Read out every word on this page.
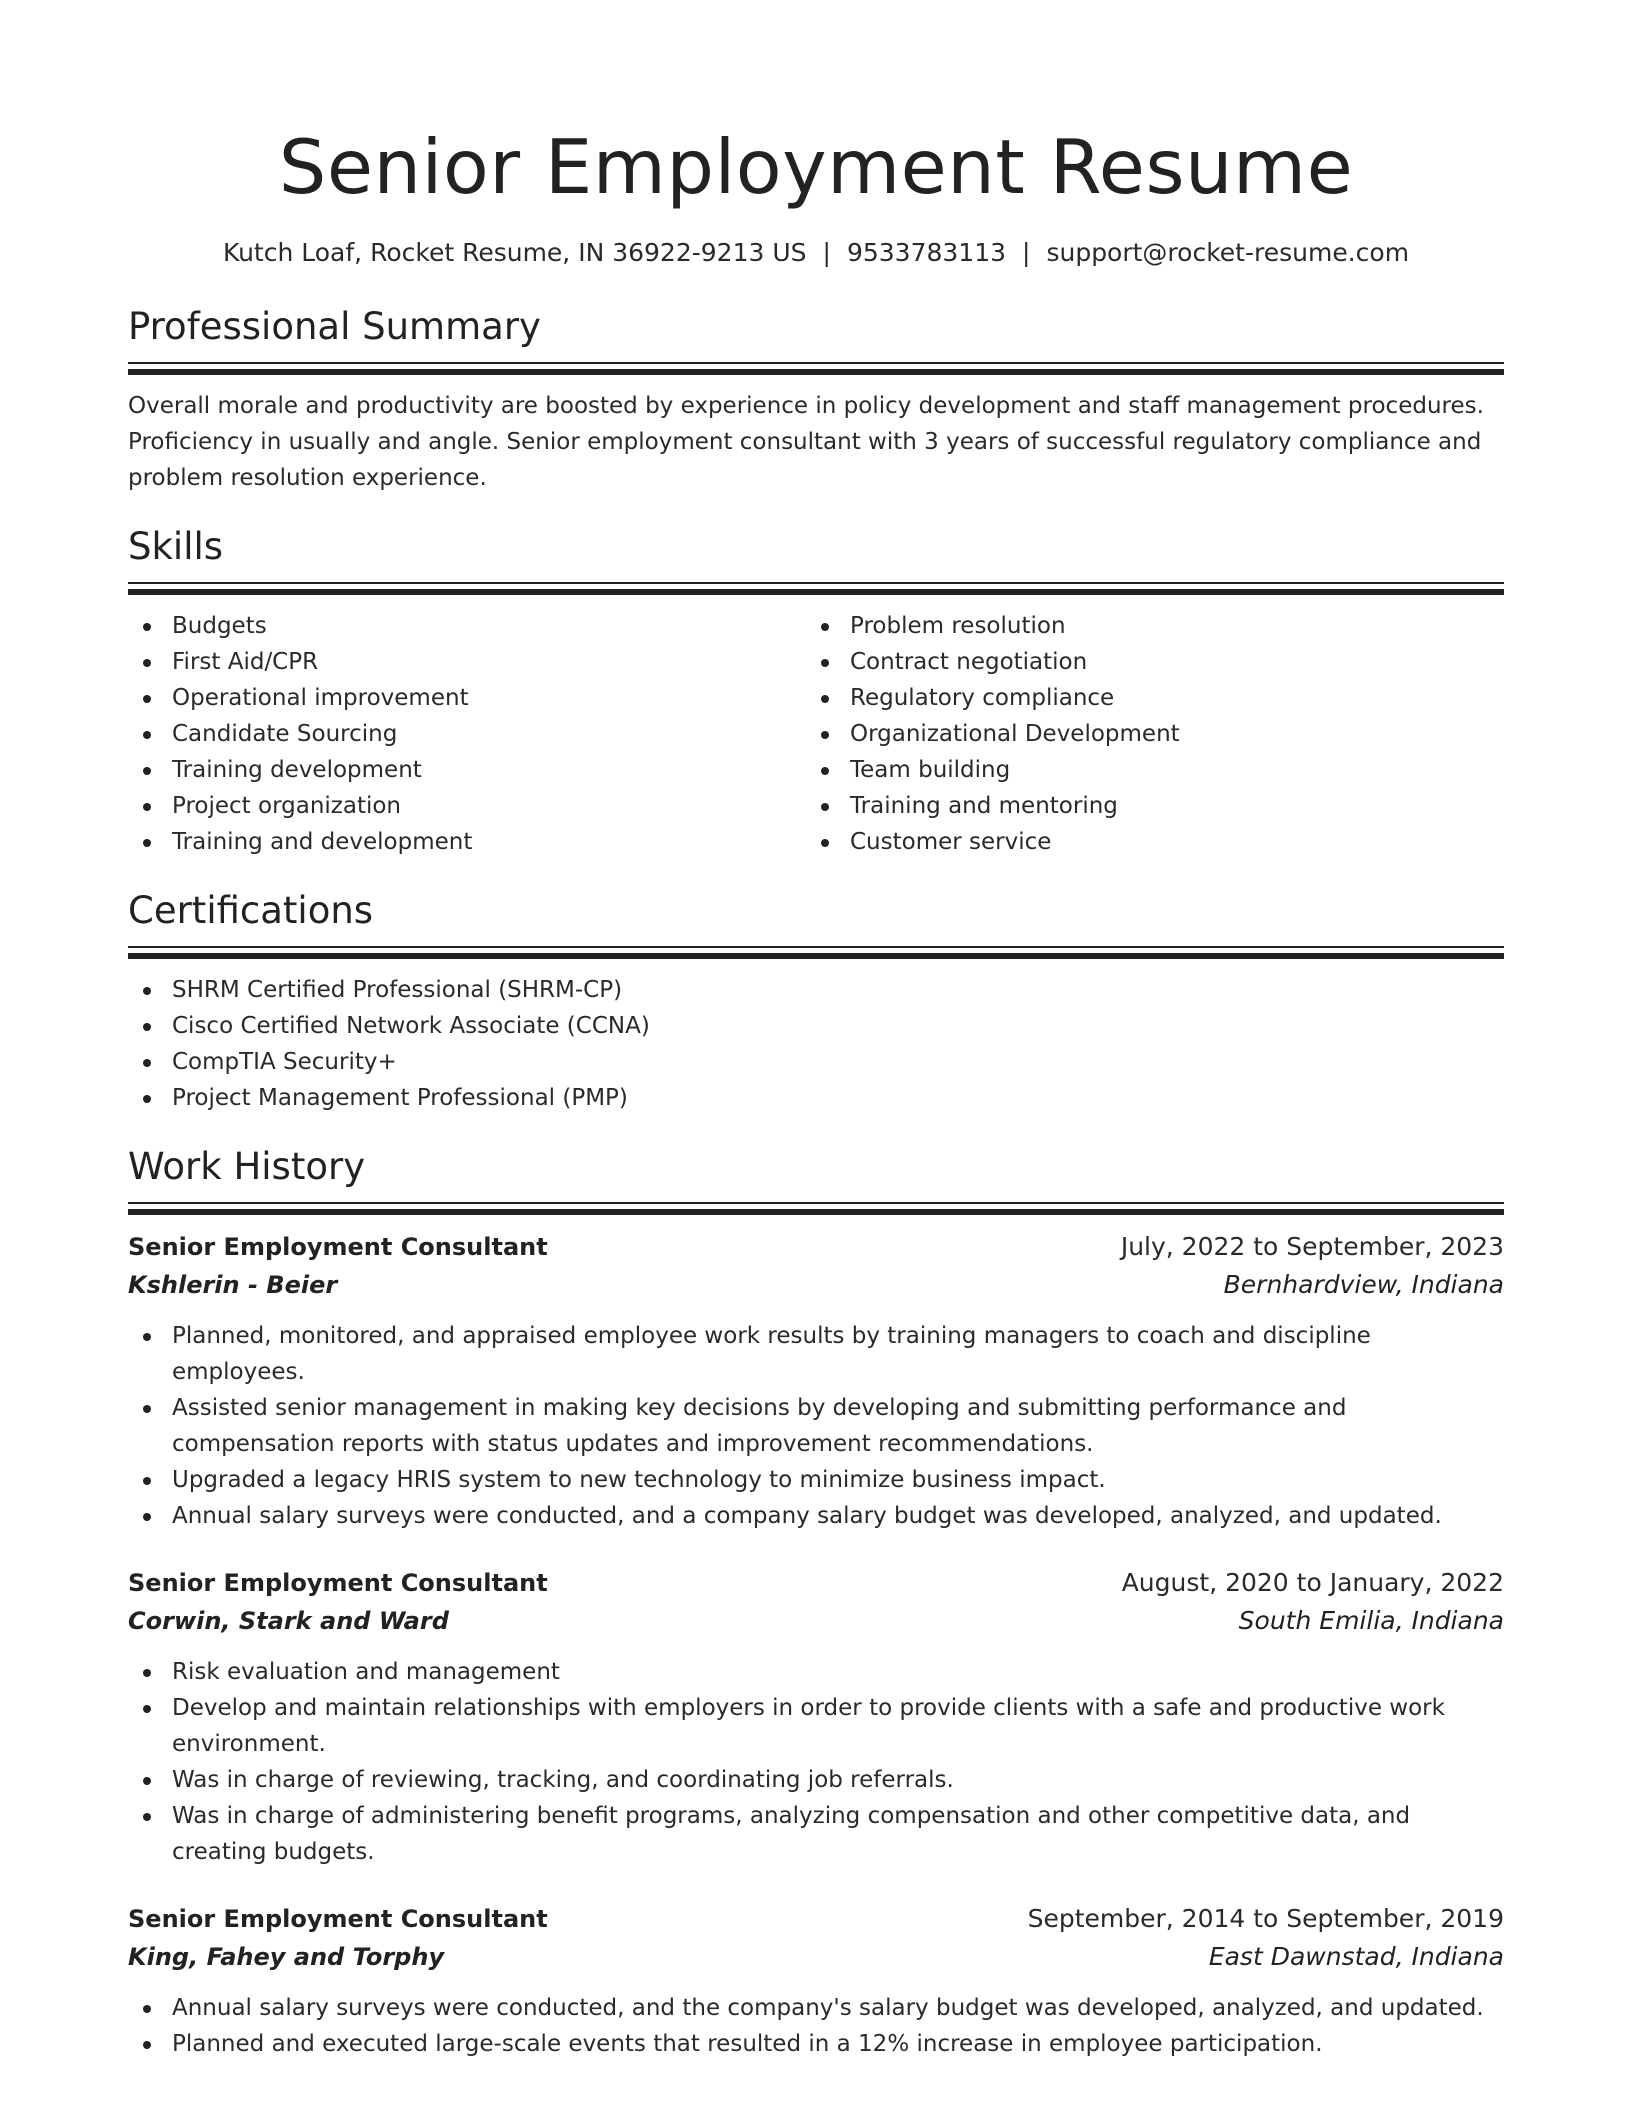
Senior Employment Resume
Kutch Loaf, Rocket Resume, IN 36922-9213 US | 9533783113 | support@rocket-resume.com
Professional Summary

Overall morale and productivity are boosted by experience in policy development and staff management procedures. Proficiency in usually and angle. Senior employment consultant with 3 years of successful regulatory compliance and problem resolution experience.

Skills
Budgets
First Aid/CPR
Operational improvement
Candidate Sourcing
Training development
Project organization
Training and development
Problem resolution
Contract negotiation
Regulatory compliance
Organizational Development
Team building
Training and mentoring
Customer service
Certifications
SHRM Certified Professional (SHRM-CP)
Cisco Certified Network Associate (CCNA)
CompTIA Security+
Project Management Professional (PMP)
Work History
Senior Employment Consultant	July, 2022 to September, 2023
Kshlerin - Beier	Bernhardview, Indiana
Planned, monitored, and appraised employee work results by training managers to coach and discipline employees.
Assisted senior management in making key decisions by developing and submitting performance and compensation reports with status updates and improvement recommendations.
Upgraded a legacy HRIS system to new technology to minimize business impact.
Annual salary surveys were conducted, and a company salary budget was developed, analyzed, and updated.
Senior Employment Consultant	August, 2020 to January, 2022
Corwin, Stark and Ward	South Emilia, Indiana
Risk evaluation and management
Develop and maintain relationships with employers in order to provide clients with a safe and productive work environment.
Was in charge of reviewing, tracking, and coordinating job referrals.
Was in charge of administering benefit programs, analyzing compensation and other competitive data, and creating budgets.
Senior Employment Consultant	September, 2014 to September, 2019
King, Fahey and Torphy	East Dawnstad, Indiana
Annual salary surveys were conducted, and the company's salary budget was developed, analyzed, and updated.
Planned and executed large-scale events that resulted in a 12% increase in employee participation.
